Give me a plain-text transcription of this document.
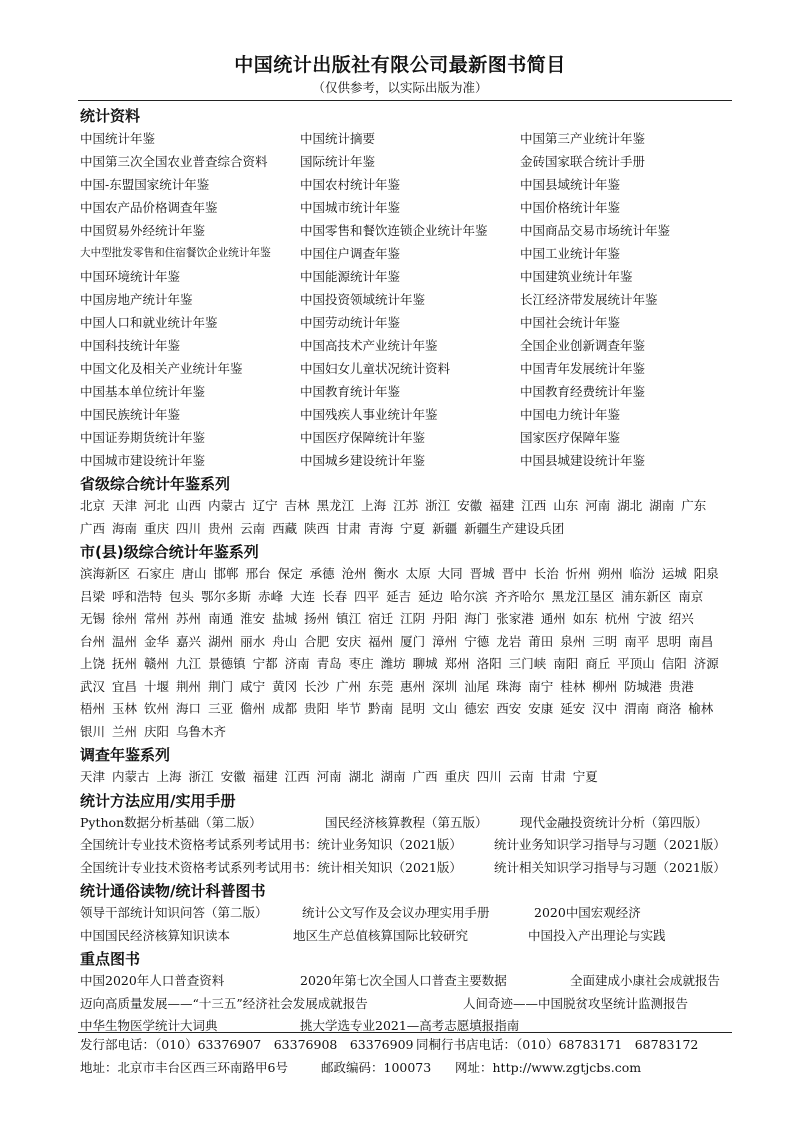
中国统计出版社有限公司最新图书简目
（仅供参考，以实际出版为准）
统计资料
中国统计年鉴	中国统计摘要	中国第三产业统计年鉴
中国第三次全国农业普查综合资料	国际统计年鉴	金砖国家联合统计手册
中国-东盟国家统计年鉴	中国农村统计年鉴	中国县域统计年鉴
中国农产品价格调查年鉴	中国城市统计年鉴	中国价格统计年鉴
中国贸易外经统计年鉴	中国零售和餐饮连锁企业统计年鉴	中国商品交易市场统计年鉴
大中型批发零售和住宿餐饮企业统计年鉴	中国住户调查年鉴	中国工业统计年鉴
中国环境统计年鉴	中国能源统计年鉴	中国建筑业统计年鉴
中国房地产统计年鉴	中国投资领域统计年鉴	长江经济带发展统计年鉴
中国人口和就业统计年鉴	中国劳动统计年鉴	中国社会统计年鉴
中国科技统计年鉴	中国高技术产业统计年鉴	全国企业创新调查年鉴
中国文化及相关产业统计年鉴	中国妇女儿童状况统计资料	中国青年发展统计年鉴
中国基本单位统计年鉴	中国教育统计年鉴	中国教育经费统计年鉴
中国民族统计年鉴	中国残疾人事业统计年鉴	中国电力统计年鉴
中国证券期货统计年鉴	中国医疗保障统计年鉴	国家医疗保障年鉴
中国城市建设统计年鉴	中国城乡建设统计年鉴	中国县城建设统计年鉴
省级综合统计年鉴系列
北京 天津 河北 山西 内蒙古 辽宁 吉林 黑龙江 上海 江苏 浙江 安徽 福建 江西 山东 河南 湖北 湖南 广东广西 海南 重庆 四川 贵州 云南 西藏 陕西 甘肃 青海 宁夏 新疆 新疆生产建设兵团
市(县)级综合统计年鉴系列
滨海新区 石家庄 唐山 邯郸 邢台 保定 承德 沧州 衡水 太原 大同 晋城 晋中 长治 忻州 朔州 临汾 运城 阳泉吕梁 呼和浩特 包头 鄂尔多斯 赤峰 大连 长春 四平 延吉 延边 哈尔滨 齐齐哈尔 黑龙江垦区 浦东新区 南京无锡 徐州 常州 苏州 南通 淮安 盐城 扬州 镇江 宿迁 江阴 丹阳 海门 张家港 通州 如东 杭州 宁波 绍兴台州 温州 金华 嘉兴 湖州 丽水 舟山 合肥 安庆 福州 厦门 漳州 宁德 龙岩 莆田 泉州 三明 南平 思明 南昌上饶 抚州 赣州 九江 景德镇 宁都 济南 青岛 枣庄 潍坊 聊城 郑州 洛阳 三门峡 南阳 商丘 平顶山 信阳 济源武汉 宜昌 十堰 荆州 荆门 咸宁 黄冈 长沙 广州 东莞 惠州 深圳 汕尾 珠海 南宁 桂林 柳州 防城港 贵港梧州 玉林 钦州 海口 三亚 儋州 成都 贵阳 毕节 黔南 昆明 文山 德宏 西安 安康 延安 汉中 渭南 商洛 榆林银川 兰州 庆阳 乌鲁木齐
调查年鉴系列
天津 内蒙古 上海 浙江 安徽 福建 江西 河南 湖北 湖南 广西 重庆 四川 云南 甘肃 宁夏
统计方法应用/实用手册
Python数据分析基础（第二版）	国民经济核算教程（第五版）	现代金融投资统计分析（第四版）
全国统计专业技术资格考试系列考试用书：统计业务知识（2021版）	统计业务知识学习指导与习题（2021版）
全国统计专业技术资格考试系列考试用书：统计相关知识（2021版）	统计相关知识学习指导与习题（2021版）
统计通俗读物/统计科普图书
领导干部统计知识问答（第二版）	统计公文写作及会议办理实用手册	2020中国宏观经济
中国国民经济核算知识读本	地区生产总值核算国际比较研究	中国投入产出理论与实践
重点图书
中国2020年人口普查资料	2020年第七次全国人口普查主要数据	全面建成小康社会成就报告
迈向高质量发展——“十三五”经济社会发展成就报告	人间奇迹——中国脱贫攻坚统计监测报告
中华生物医学统计大词典	挑大学选专业2021—高考志愿填报指南
发行部电话：（010）63376907　63376908　63376909 同桐行书店电话：（010）68783171　68783172
地址：北京市丰台区西三环南路甲6号	邮政编码：100073 网址：http://www.zgtjcbs.com
